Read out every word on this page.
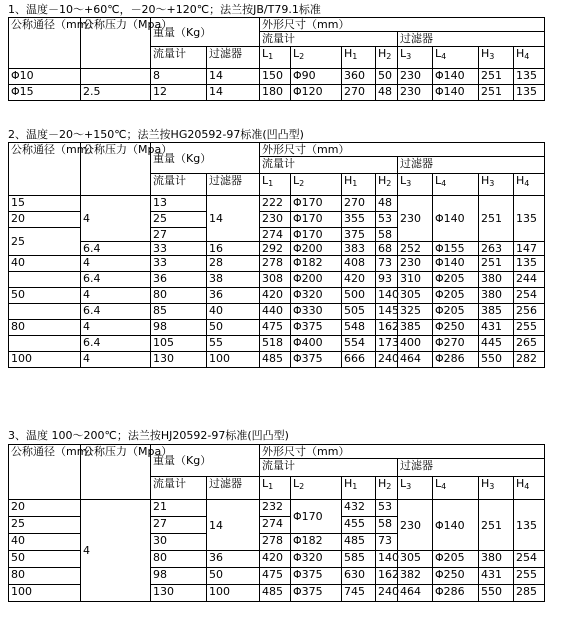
1、温度－10～+60℃，－20～+120℃；法兰按JB/T79.1标准
公称通径（mm）	公称压力（Mpa）	重量（Kg）		外形尺寸（mm）							
				流量计				过滤器			
		流量计	过滤器	$L_1$	$L_2$	$H_1$	$H_2$	$L_3$	$L_4$	$H_3$	$H_4$
Φ10		8	14	150	Φ90	360	50	230	Φ140	251	135
Φ15	2.5	12	14	180	Φ120	270	48	230	Φ140	251	135
2、温度－20～+150℃；法兰按HG20592-97标准(凹凸型)
公称通径（mm）	公称压力（Mpa）	重量（Kg）		外形尺寸（mm）							
				流量计				过滤器			
		流量计	过滤器	$L_1$	$L_2$	$H_1$	$H_2$	$L_3$	$L_4$	$H_3$	$H_4$
15	4	13	14	222	Φ170	270	48	230	Φ140	251	135
20		25		230	Φ170	355	53				
25		27		274	Φ170	375	58				
	6.4	33	16	292	Φ200	383	68	252	Φ155	263	147
40	4	33	28	278	Φ182	408	73	230	Φ140	251	135
	6.4	36	38	308	Φ200	420	93	310	Φ205	380	244
50	4	80	36	420	Φ320	500	140	305	Φ205	380	254
	6.4	85	40	440	Φ330	505	145	325	Φ205	385	256
80	4	98	50	475	Φ375	548	162	385	Φ250	431	255
	6.4	105	55	518	Φ400	554	173	400	Φ270	445	265
100	4	130	100	485	Φ375	666	240	464	Φ286	550	282
3、温度 100～200℃；法兰按HJ20592-97标准(凹凸型)
公称通径（mm）	公称压力（Mpa）	重量（Kg）		外形尺寸（mm）							
				流量计				过滤器			
		流量计	过滤器	$L_1$	$L_2$	$H_1$	$H_2$	$L_3$	$L_4$	$H_3$	$H_4$
20	4	21	14	232	Φ170	432	53	230	Φ140	251	135
25		27		274		455	58				
40		30		278	Φ182	485	73				
50		80	36	420	Φ320	585	140	305	Φ205	380	254
80		98	50	475	Φ375	630	162	382	Φ250	431	255
100		130	100	485	Φ375	745	240	464	Φ286	550	285
